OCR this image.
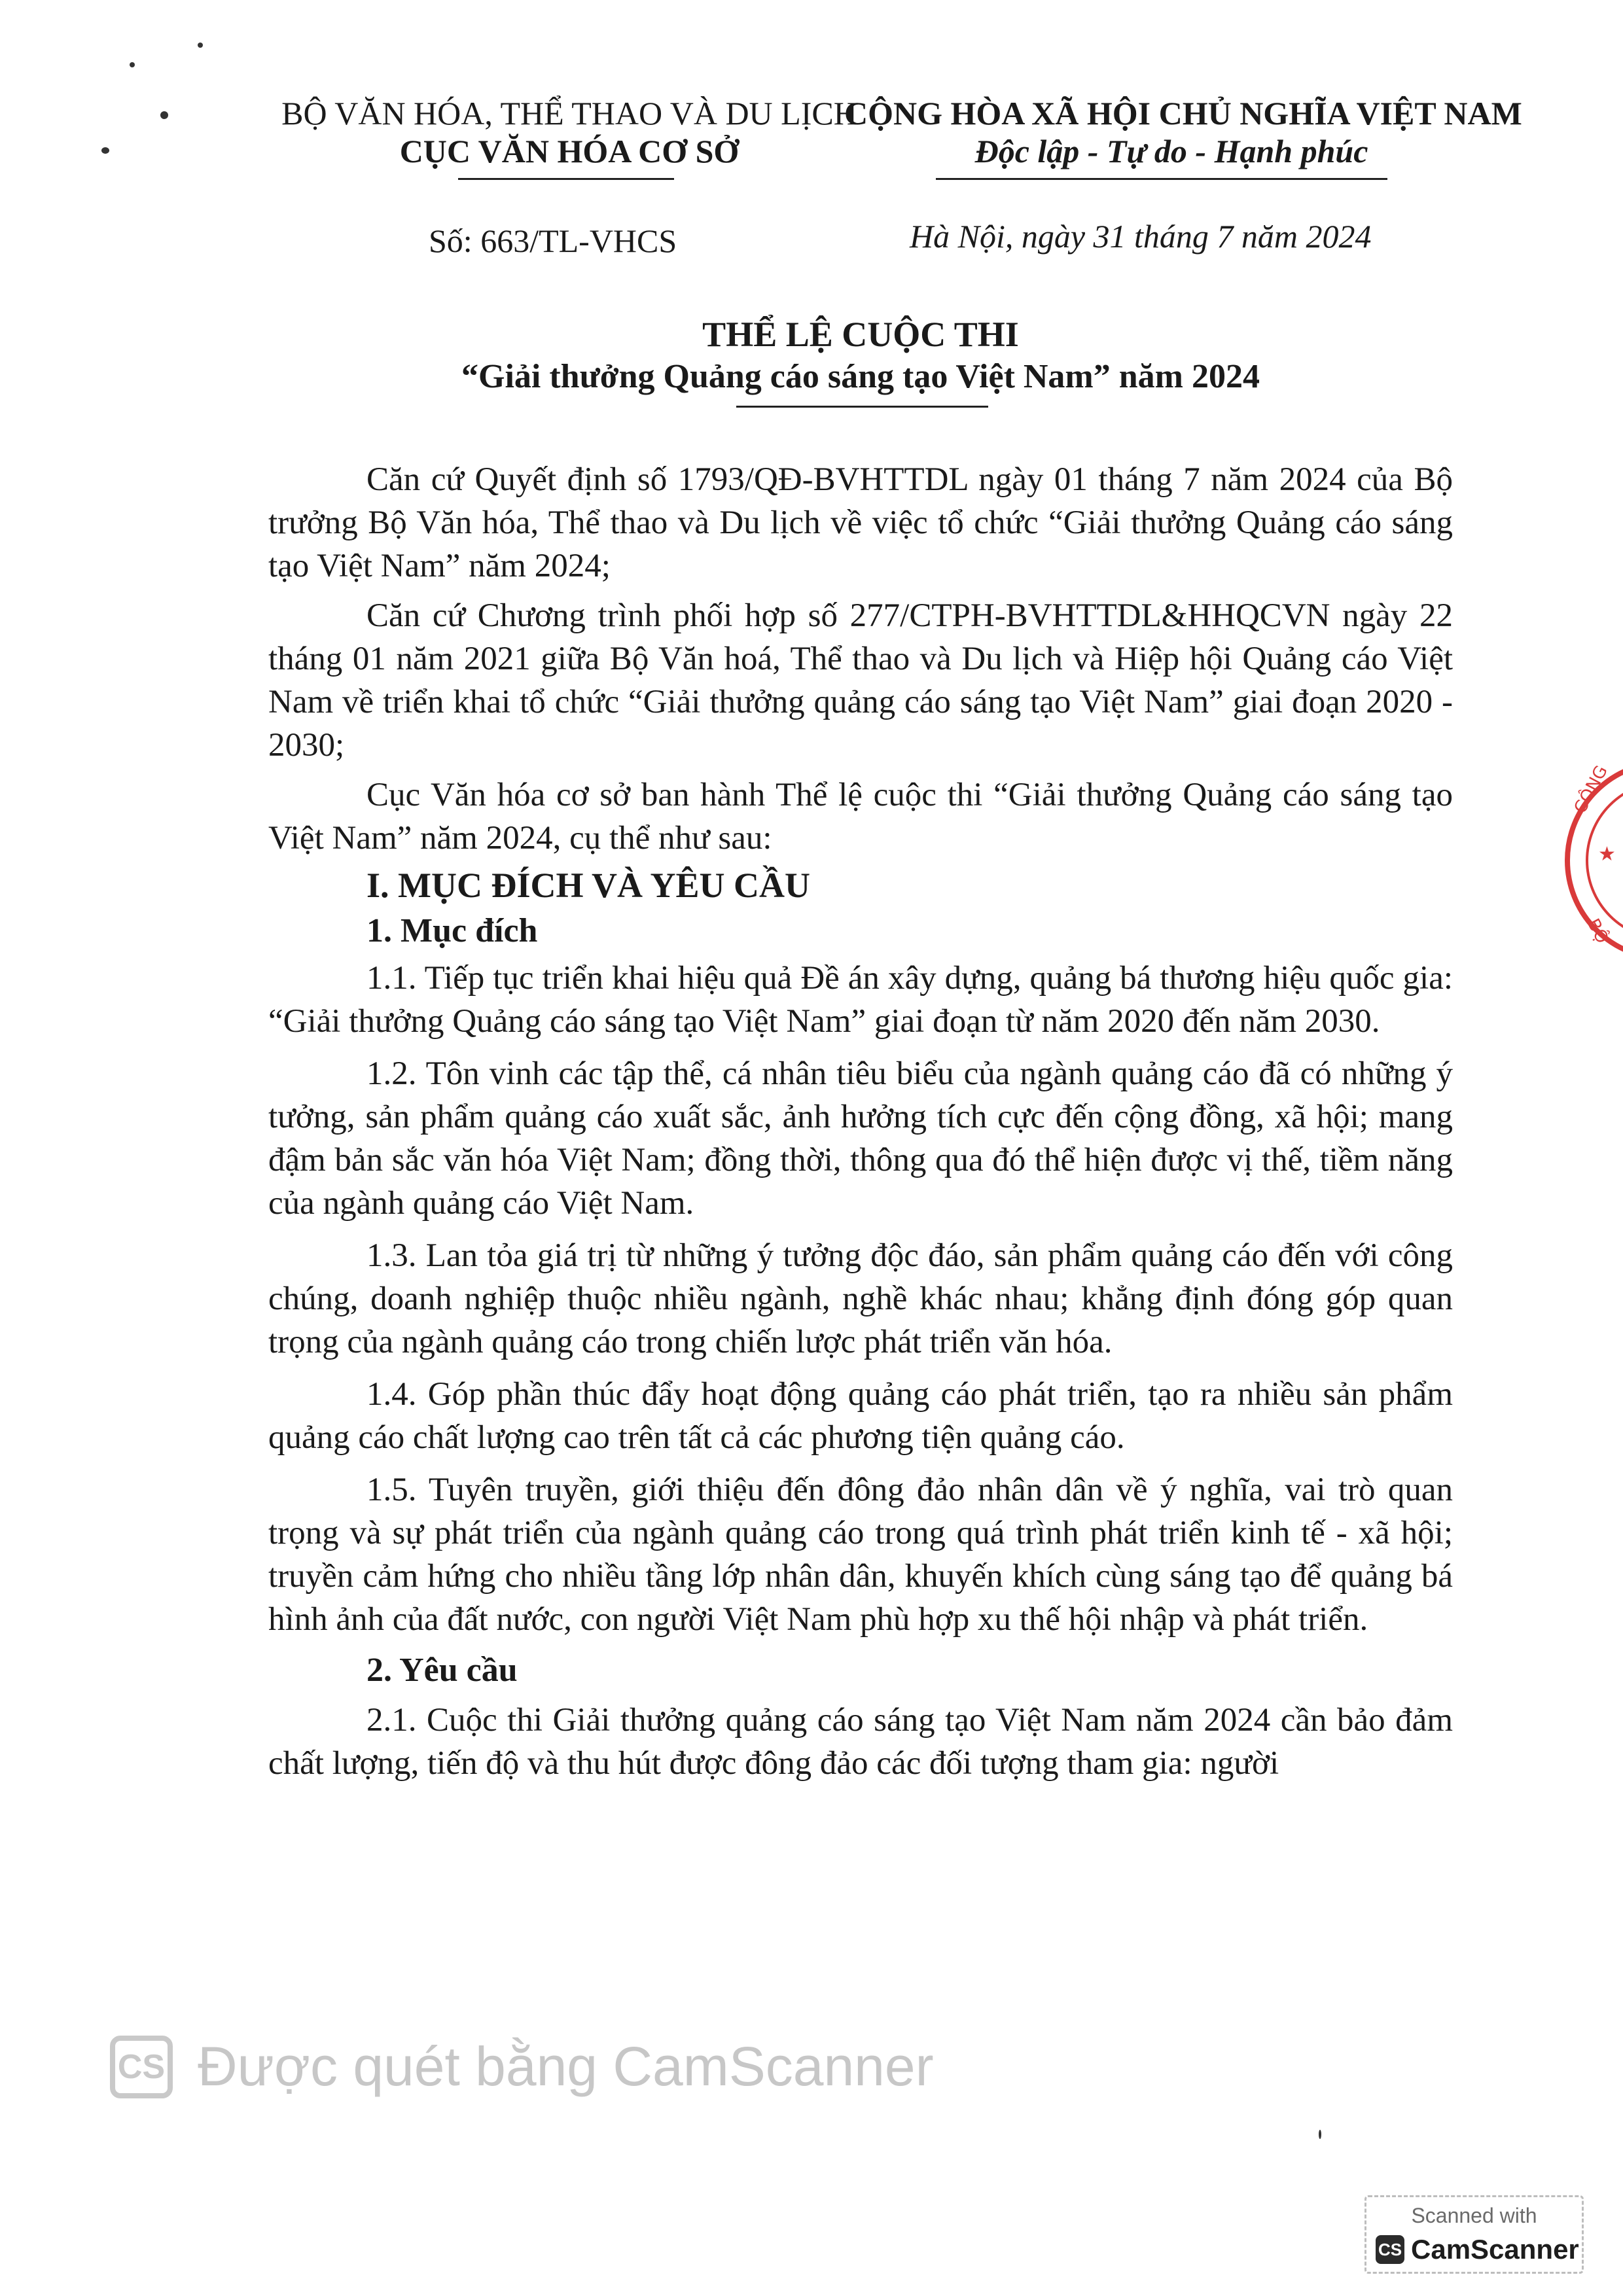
BỘ VĂN HÓA, THỂ THAO VÀ DU LỊCH
CỤC VĂN HÓA CƠ SỞ
CỘNG HÒA XÃ HỘI CHỦ NGHĨA VIỆT NAM
Độc lập - Tự do - Hạnh phúc
Số: 663/TL-VHCS	Hà Nội, ngày 31 tháng 7 năm 2024
THỂ LỆ CUỘC THI
“Giải thưởng Quảng cáo sáng tạo Việt Nam” năm 2024
★
CÔNG
BỘ

Căn cứ Quyết định số 1793/QĐ-BVHTTDL ngày 01 tháng 7 năm 2024 của Bộ trưởng Bộ Văn hóa, Thể thao và Du lịch về việc tổ chức “Giải thưởng Quảng cáo sáng tạo Việt Nam” năm 2024;

Căn cứ Chương trình phối hợp số 277/CTPH-BVHTTDL&HHQCVN ngày 22 tháng 01 năm 2021 giữa Bộ Văn hoá, Thể thao và Du lịch và Hiệp hội Quảng cáo Việt Nam về triển khai tổ chức “Giải thưởng quảng cáo sáng tạo Việt Nam” giai đoạn 2020 - 2030;

Cục Văn hóa cơ sở ban hành Thể lệ cuộc thi “Giải thưởng Quảng cáo sáng tạo Việt Nam” năm 2024, cụ thể như sau:

I. MỤC ĐÍCH VÀ YÊU CẦU

1. Mục đích

1.1. Tiếp tục triển khai hiệu quả Đề án xây dựng, quảng bá thương hiệu quốc gia: “Giải thưởng Quảng cáo sáng tạo Việt Nam” giai đoạn từ năm 2020 đến năm 2030.

1.2. Tôn vinh các tập thể, cá nhân tiêu biểu của ngành quảng cáo đã có những ý tưởng, sản phẩm quảng cáo xuất sắc, ảnh hưởng tích cực đến cộng đồng, xã hội; mang đậm bản sắc văn hóa Việt Nam; đồng thời, thông qua đó thể hiện được vị thế, tiềm năng của ngành quảng cáo Việt Nam.

1.3. Lan tỏa giá trị từ những ý tưởng độc đáo, sản phẩm quảng cáo đến với công chúng, doanh nghiệp thuộc nhiều ngành, nghề khác nhau; khẳng định đóng góp quan trọng của ngành quảng cáo trong chiến lược phát triển văn hóa.

1.4. Góp phần thúc đẩy hoạt động quảng cáo phát triển, tạo ra nhiều sản phẩm quảng cáo chất lượng cao trên tất cả các phương tiện quảng cáo.

1.5. Tuyên truyền, giới thiệu đến đông đảo nhân dân về ý nghĩa, vai trò quan trọng và sự phát triển của ngành quảng cáo trong quá trình phát triển kinh tế - xã hội; truyền cảm hứng cho nhiều tầng lớp nhân dân, khuyến khích cùng sáng tạo để quảng bá hình ảnh của đất nước, con người Việt Nam phù hợp xu thế hội nhập và phát triển.

2. Yêu cầu

2.1. Cuộc thi Giải thưởng quảng cáo sáng tạo Việt Nam năm 2024 cần bảo đảm chất lượng, tiến độ và thu hút được đông đảo các đối tượng tham gia: người

CS Được quét bằng CamScanner
Scanned with
CS CamScanner
